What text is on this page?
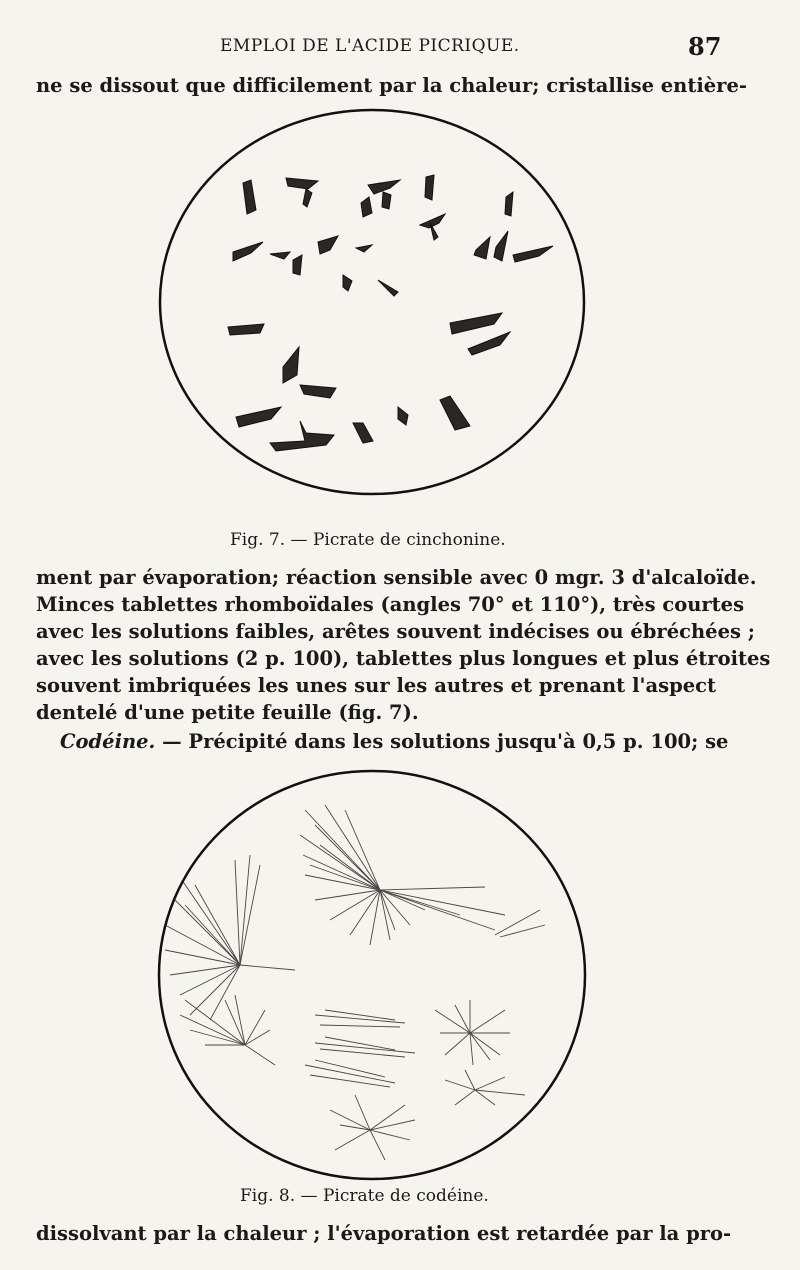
EMPLOI DE L'ACIDE PICRIQUE.	87
ne se dissout que difficilement par la chaleur; cristallise entière-
Fig. 7. — Picrate de cinchonine.
ment par évaporation; réaction sensible avec 0 mgr. 3 d'alcaloïde.
Minces tablettes rhomboïdales (angles 70° et 110°), très courtes
avec les solutions faibles, arêtes souvent indécises ou ébréchées ;
avec les solutions (2 p. 100), tablettes plus longues et plus étroites
souvent imbriquées les unes sur les autres et prenant l'aspect
dentelé d'une petite feuille (fig. 7).
Codéine. — Précipité dans les solutions jusqu'à 0,5 p. 100; se
Fig. 8. — Picrate de codéine.
dissolvant par la chaleur ; l'évaporation est retardée par la pro-
